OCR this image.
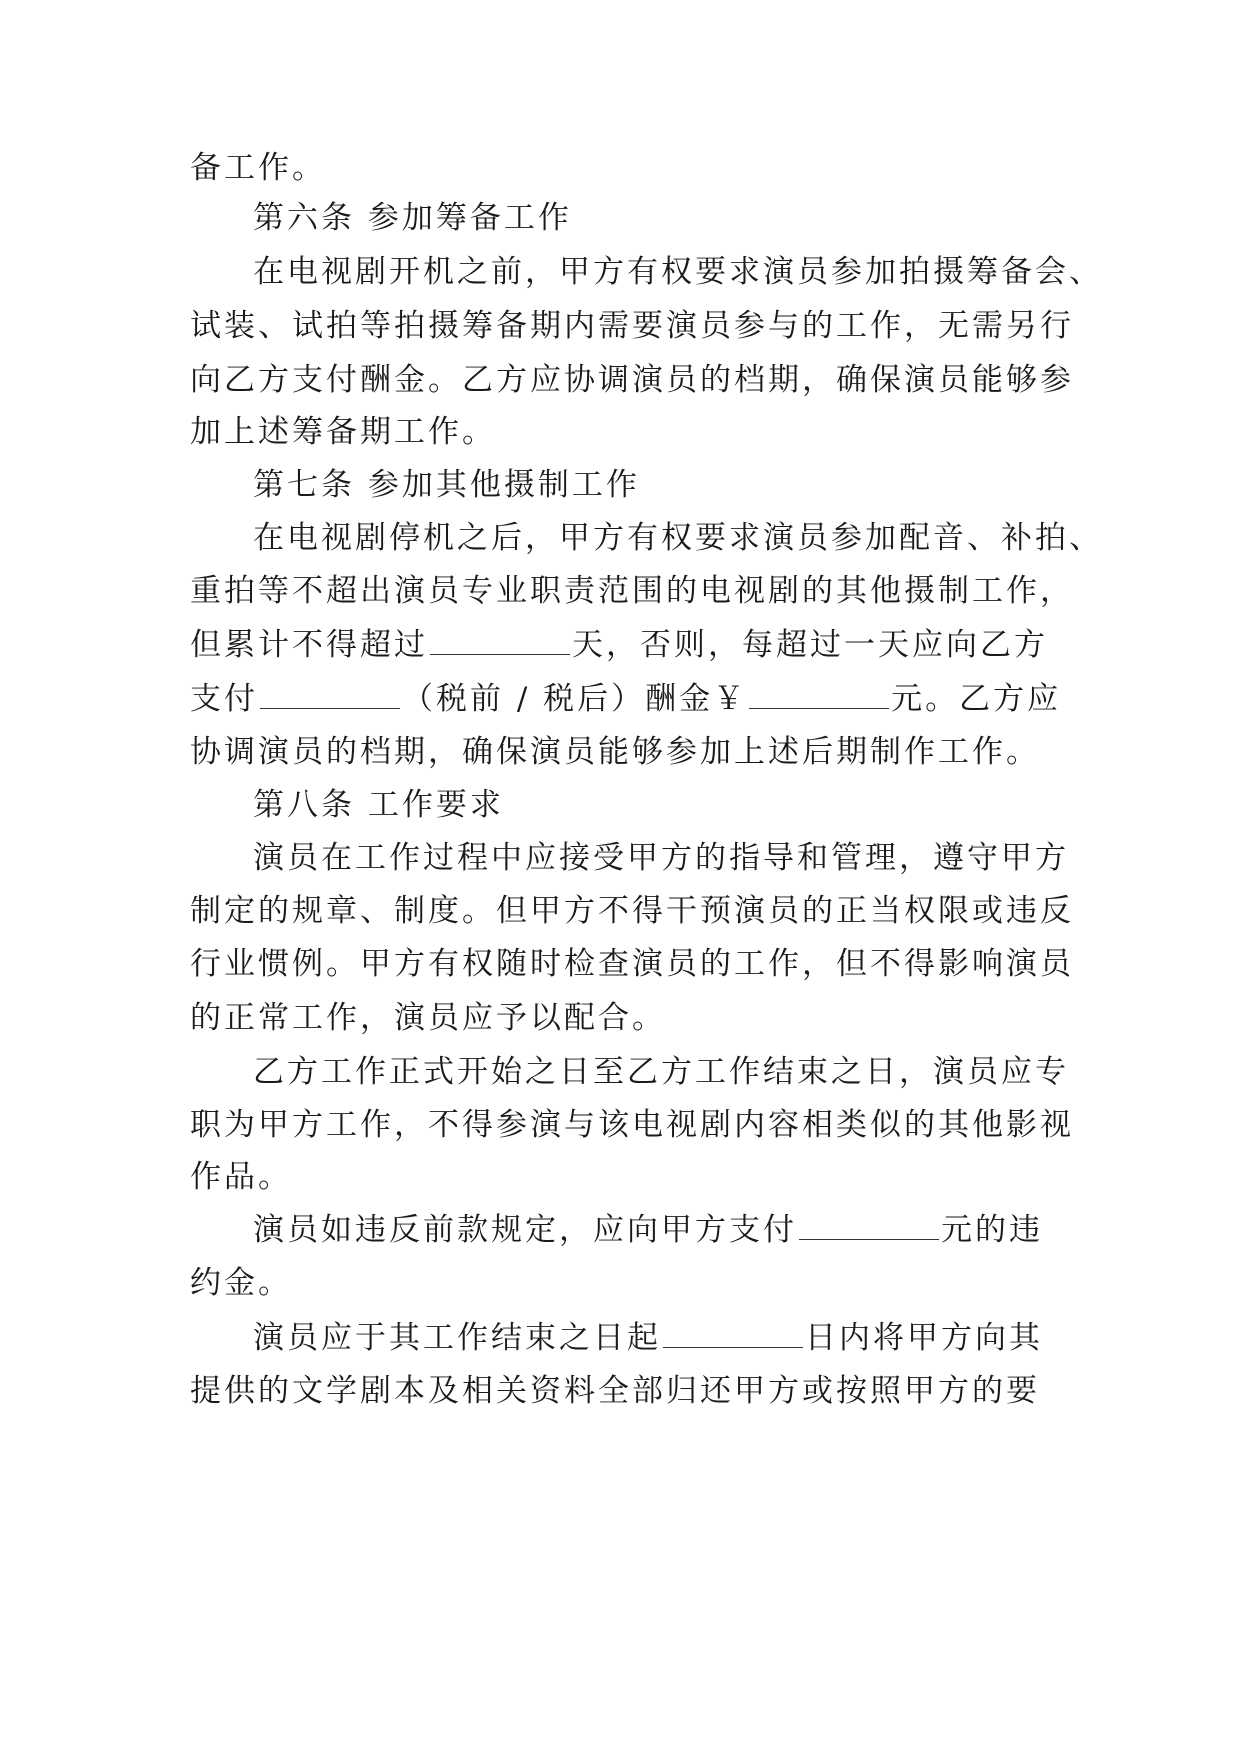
备工作。
第六条 参加筹备工作
在电视剧开机之前，甲方有权要求演员参加拍摄筹备会、
试装、试拍等拍摄筹备期内需要演员参与的工作，无需另行
向乙方支付酬金。乙方应协调演员的档期，确保演员能够参
加上述筹备期工作。
第七条 参加其他摄制工作
在电视剧停机之后，甲方有权要求演员参加配音、补拍、
重拍等不超出演员专业职责范围的电视剧的其他摄制工作，
但累计不得超过	天，否则，每超过一天应向乙方
支付	（税前 / 税后）酬金￥	元。乙方应
协调演员的档期，确保演员能够参加上述后期制作工作。
第八条 工作要求
演员在工作过程中应接受甲方的指导和管理，遵守甲方
制定的规章、制度。但甲方不得干预演员的正当权限或违反
行业惯例。甲方有权随时检查演员的工作，但不得影响演员
的正常工作，演员应予以配合。
乙方工作正式开始之日至乙方工作结束之日，演员应专
职为甲方工作，不得参演与该电视剧内容相类似的其他影视
作品。
演员如违反前款规定，应向甲方支付	元的违
约金。
演员应于其工作结束之日起	日内将甲方向其
提供的文学剧本及相关资料全部归还甲方或按照甲方的要
